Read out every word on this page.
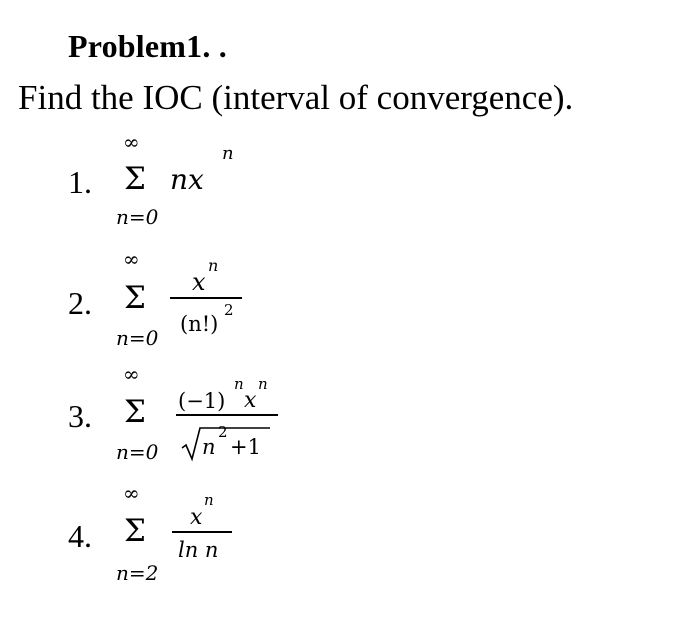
Problem1. .
Find the IOC (interval of convergence).
1.
∞
Σ
n=0
nx
n
2.
∞
Σ
n=0
x
n
(n!)
2
3.
∞
Σ
n=0
(−1)
n
x
n
n
2
+1
4.
∞
Σ
n=2
x
n
ln n
